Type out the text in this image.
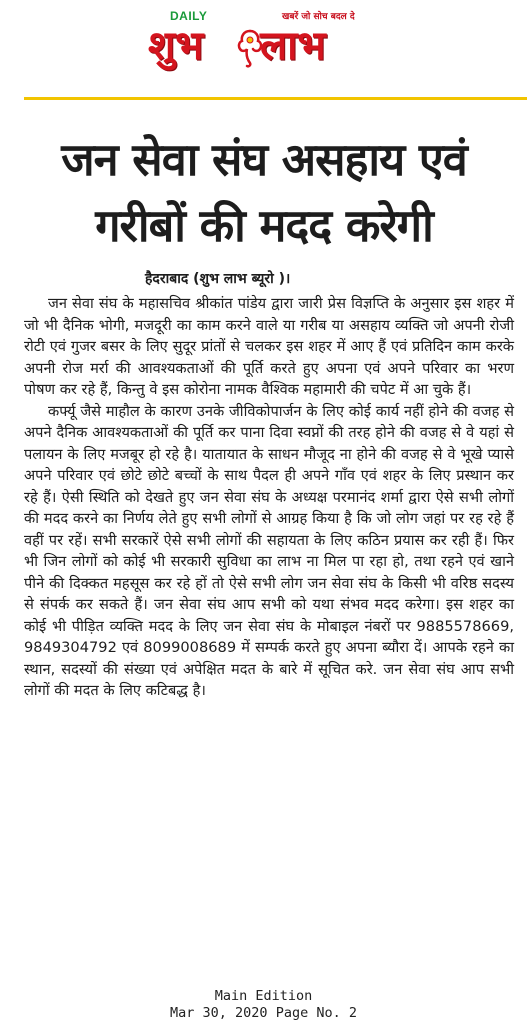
DAILY	खबरें जो सोच बदल दे
शुभ लाभ
जन सेवा संघ असहाय एवं
गरीबों की मदद करेगी
हैदराबाद (शुभ लाभ ब्यूरो )।

जन सेवा संघ के महासचिव श्रीकांत पांडेय द्वारा जारी प्रेस विज्ञप्ति के अनुसार इस शहर में जो भी दैनिक भोगी, मजदूरी का काम करने वाले या गरीब या असहाय व्यक्ति जो अपनी रोजी रोटी एवं गुजर बसर के लिए सुदूर प्रांतों से चलकर इस शहर में आए हैं एवं प्रतिदिन काम करके अपनी रोज मर्रा की आवश्यकताओं की पूर्ति करते हुए अपना एवं अपने परिवार का भरण पोषण कर रहे हैं, किन्तु वे इस कोरोना नामक वैश्विक महामारी की चपेट में आ चुके हैं।

कर्फ्यू जैसे माहौल के कारण उनके जीविकोपार्जन के लिए कोई कार्य नहीं होने की वजह से अपने दैनिक आवश्यकताओं की पूर्ति कर पाना दिवा स्वप्नों की तरह होने की वजह से वे यहां से पलायन के लिए मजबूर हो रहे है। यातायात के साधन मौजूद ना होने की वजह से वे भूखे प्यासे अपने परिवार एवं छोटे छोटे बच्चों के साथ पैदल ही अपने गाँव एवं शहर के लिए प्रस्थान कर रहे हैं। ऐसी स्थिति को देखते हुए जन सेवा संघ के अध्यक्ष परमानंद शर्मा द्वारा ऐसे सभी लोगों की मदद करने का निर्णय लेते हुए सभी लोगों से आग्रह किया है कि जो लोग जहां पर रह रहे हैं वहीं पर रहें। सभी सरकारें ऐसे सभी लोगों की सहायता के लिए कठिन प्रयास कर रही हैं। फिर भी जिन लोगों को कोई भी सरकारी सुविधा का लाभ ना मिल पा रहा हो, तथा रहने एवं खाने पीने की दिक्कत महसूस कर रहे हों तो ऐसे सभी लोग जन सेवा संघ के किसी भी वरिष्ठ सदस्य से संपर्क कर सकते हैं। जन सेवा संघ आप सभी को यथा संभव मदद करेगा। इस शहर का कोई भी पीड़ित व्यक्ति मदद के लिए जन सेवा संघ के मोबाइल नंबरों पर 9885578669, 9849304792 एवं 8099008689 में सम्पर्क करते हुए अपना ब्यौरा दें। आपके रहने का स्थान, सदस्यों की संख्या एवं अपेक्षित मदत के बारे में सूचित करे. जन सेवा संघ आप सभी लोगों की मदत के लिए कटिबद्ध है।

Main Edition
Mar 30, 2020 Page No. 2
